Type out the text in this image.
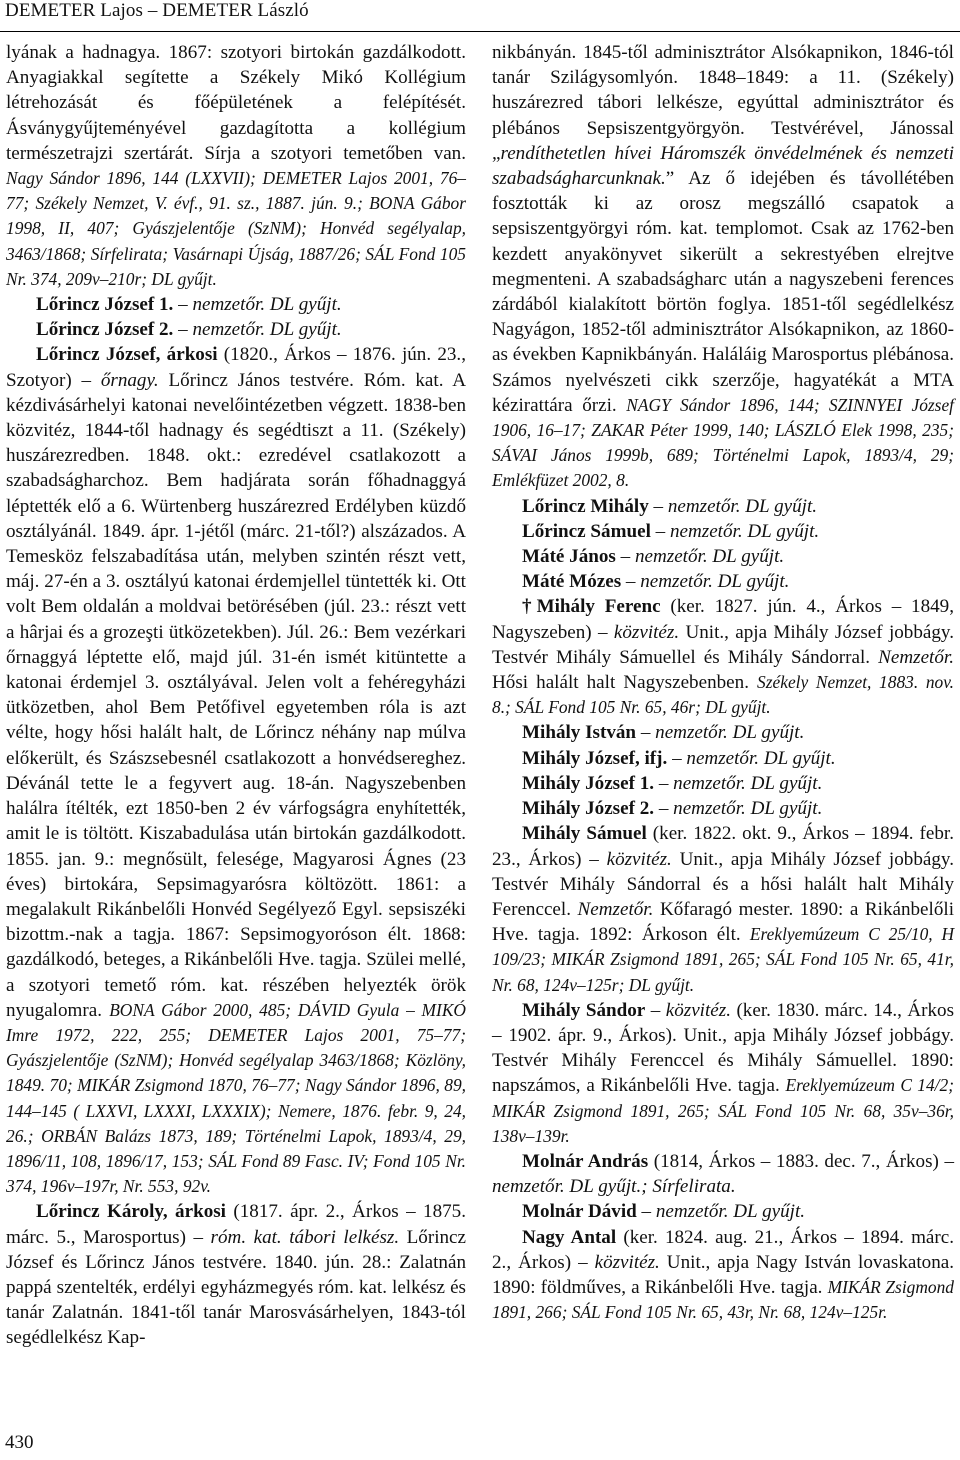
DEMETER Lajos – DEMETER László

lyának a hadnagya. 1867: szotyori birtokán gazdálkodott. Anyagiakkal segítette a Székely Mikó Kollégium létrehozását és főépületének a felépítését. Ásványgyűjteményével gazdagította a kollégium természetrajzi szertárát. Sírja a szotyori temetőben van. Nagy Sándor 1896, 144 (LXXVII); DEMETER Lajos 2001, 76–77; Székely Nemzet, V. évf., 91. sz., 1887. jún. 9.; BONA Gábor 1998, II, 407; Gyászjelentője (SzNM); Honvéd segélyalap, 3463/1868; Sírfelirata; Vasárnapi Újság, 1887/26; SÁL Fond 105 Nr. 374, 209v–210r; DL gyűjt.

Lőrincz József 1. – nemzetőr. DL gyűjt.

Lőrincz József 2. – nemzetőr. DL gyűjt.

Lőrincz József, árkosi (1820., Árkos – 1876. jún. 23., Szotyor) – őrnagy. Lőrincz János testvére. Róm. kat. A kézdivásárhelyi katonai nevelőintézetben végzett. 1838-ben közvitéz, 1844-től hadnagy és segédtiszt a 11. (Székely) huszárezredben. 1848. okt.: ezredével csatlakozott a szabadságharchoz. Bem hadjárata során főhadnaggyá léptették elő a 6. Würtenberg huszárezred Erdélyben küzdő osztályánál. 1849. ápr. 1-jétől (márc. 21-től?) alszázados. A Temesköz felszabadítása után, melyben szintén részt vett, máj. 27-én a 3. osztályú katonai érdemjellel tüntették ki. Ott volt Bem oldalán a moldvai betörésében (júl. 23.: részt vett a hârjai és a grozeşti ütközetekben). Júl. 26.: Bem vezérkari őrnaggyá léptette elő, majd júl. 31-én ismét kitüntette a katonai érdemjel 3. osztályával. Jelen volt a fehéregyházi ütközetben, ahol Bem Petőfivel egyetemben róla is azt vélte, hogy hősi halált halt, de Lőrincz néhány nap múlva előkerült, és Szászsebesnél csatlakozott a honvédsereghez. Dévánál tette le a fegyvert aug. 18-án. Nagyszebenben halálra ítélték, ezt 1850-ben 2 év várfogságra enyhítették, amit le is töltött. Kiszabadulása után birtokán gazdálkodott. 1855. jan. 9.: megnősült, felesége, Magyarosi Ágnes (23 éves) birtokára, Sepsimagyarósra költözött. 1861: a megalakult Rikánbelőli Honvéd Segélyező Egyl. sepsiszéki bizottm.-nak a tagja. 1867: Sepsimogyoróson élt. 1868: gazdálkodó, beteges, a Rikánbelőli Hve. tagja. Szülei mellé, a szotyori temető róm. kat. részében helyezték örök nyugalomra. BONA Gábor 2000, 485; DÁVID Gyula – MIKÓ Imre 1972, 222, 255; DEMETER Lajos 2001, 75–77; Gyászjelentője (SzNM); Honvéd segélyalap 3463/1868; Közlöny, 1849. 70; MIKÁR Zsigmond 1870, 76–77; Nagy Sándor 1896, 89, 144–145 ( LXXVI, LXXXI, LXXXIX); Nemere, 1876. febr. 9, 24, 26.; ORBÁN Balázs 1873, 189; Történelmi Lapok, 1893/4, 29, 1896/11, 108, 1896/17, 153; SÁL Fond 89 Fasc. IV; Fond 105 Nr. 374, 196v–197r, Nr. 553, 92v.

Lőrincz Károly, árkosi (1817. ápr. 2., Árkos – 1875. márc. 5., Marosportus) – róm. kat. tábori lelkész. Lőrincz József és Lőrincz János testvére. 1840. jún. 28.: Zalatnán pappá szentelték, erdélyi egyházmegyés róm. kat. lelkész és tanár Zalatnán. 1841-től tanár Marosvásárhelyen, 1843-tól segédlelkész Kap-

nikbányán. 1845-től adminisztrátor Alsókapnikon, 1846-tól tanár Szilágysomlyón. 1848–1849: a 11. (Székely) huszárezred tábori lelkésze, egyúttal adminisztrátor és plébános Sepsiszentgyörgyön. Testvérével, Jánossal „rendíthetetlen hívei Háromszék önvédelmének és nemzeti szabadságharcunknak.” Az ő idejében és távollétében fosztották ki az orosz megszálló csapatok a sepsiszentgyörgyi róm. kat. templomot. Csak az 1762-ben kezdett anyakönyvet sikerült a sekrestyében elrejtve megmenteni. A szabadságharc után a nagyszebeni ferences zárdából kialakított börtön foglya. 1851-től segédlelkész Nagyágon, 1852-től adminisztrátor Alsókapnikon, az 1860-as években Kapnikbányán. Haláláig Marosportus plébánosa. Számos nyelvészeti cikk szerzője, hagyatékát a MTA kézirattára őrzi. NAGY Sándor 1896, 144; SZINNYEI József 1906, 16–17; ZAKAR Péter 1999, 140; LÁSZLÓ Elek 1998, 235; SÁVAI János 1999b, 689; Történelmi Lapok, 1893/4, 29; Emlékfüzet 2002, 8.

Lőrincz Mihály – nemzetőr. DL gyűjt.

Lőrincz Sámuel – nemzetőr. DL gyűjt.

Máté János – nemzetőr. DL gyűjt.

Máté Mózes – nemzetőr. DL gyűjt.

†Mihály Ferenc (ker. 1827. jún. 4., Árkos – 1849, Nagyszeben) – közvitéz. Unit., apja Mihály József jobbágy. Testvér Mihály Sámuellel és Mihály Sándorral. Nemzetőr. Hősi halált halt Nagyszebenben. Székely Nemzet, 1883. nov. 8.; SÁL Fond 105 Nr. 65, 46r; DL gyűjt.

Mihály István – nemzetőr. DL gyűjt.

Mihály József, ifj. – nemzetőr. DL gyűjt.

Mihály József 1. – nemzetőr. DL gyűjt.

Mihály József 2. – nemzetőr. DL gyűjt.

Mihály Sámuel (ker. 1822. okt. 9., Árkos – 1894. febr. 23., Árkos) – közvitéz. Unit., apja Mihály József jobbágy. Testvér Mihály Sándorral és a hősi halált halt Mihály Ferenccel. Nemzetőr. Kőfaragó mester. 1890: a Rikánbelőli Hve. tagja. 1892: Árkoson élt. Ereklyemúzeum C 25/10, H 109/23; MIKÁR Zsigmond 1891, 265; SÁL Fond 105 Nr. 65, 41r, Nr. 68, 124v–125r; DL gyűjt.

Mihály Sándor – közvitéz. (ker. 1830. márc. 14., Árkos – 1902. ápr. 9., Árkos). Unit., apja Mihály József jobbágy. Testvér Mihály Ferenccel és Mihály Sámuellel. 1890: napszámos, a Rikánbelőli Hve. tagja. Ereklyemúzeum C 14/2; MIKÁR Zsigmond 1891, 265; SÁL Fond 105 Nr. 68, 35v–36r, 138v–139r.

Molnár András (1814, Árkos – 1883. dec. 7., Árkos) – nemzetőr. DL gyűjt.; Sírfelirata.

Molnár Dávid – nemzetőr. DL gyűjt.

Nagy Antal (ker. 1824. aug. 21., Árkos – 1894. márc. 2., Árkos) – közvitéz. Unit., apja Nagy István lovaskatona. 1890: földműves, a Rikánbelőli Hve. tagja. MIKÁR Zsigmond 1891, 266; SÁL Fond 105 Nr. 65, 43r, Nr. 68, 124v–125r.

430
